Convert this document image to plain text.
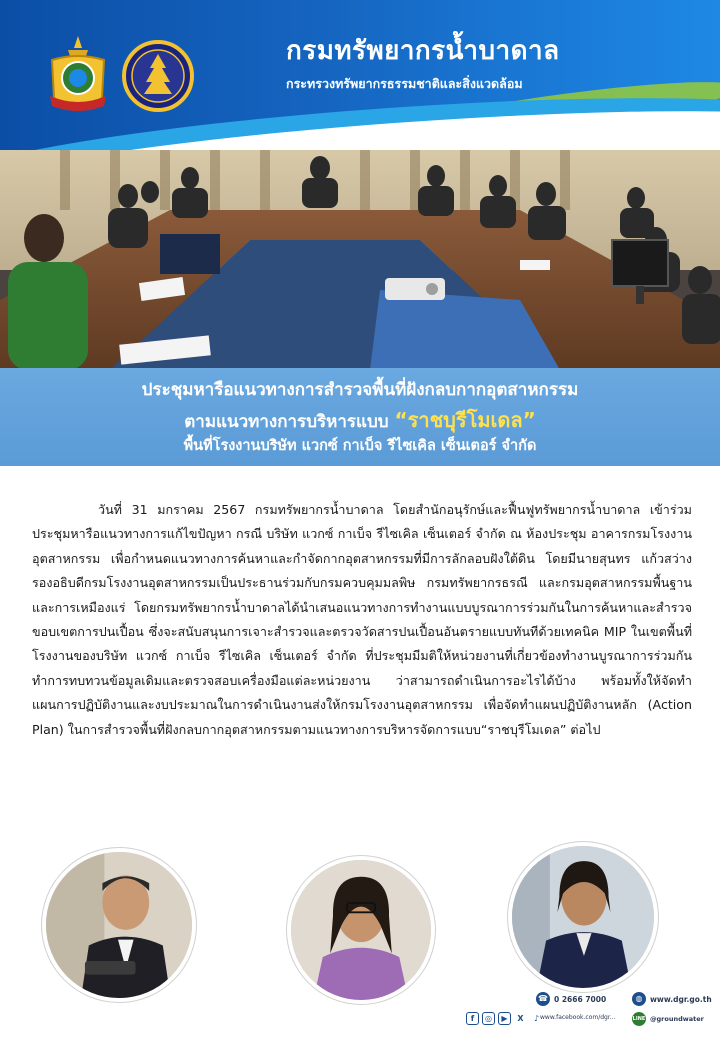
กรมทรัพยากรน้ำบาดาล
กระทรวงทรัพยากรธรรมชาติและสิ่งแวดล้อม
ประชุมหารือแนวทางการสำรวจพื้นที่ฝังกลบกากอุตสาหกรรม
ตามแนวทางการบริหารแบบ “ราชบุรีโมเดล”
พื้นที่โรงงานบริษัท แวกซ์ กาเบ็จ รีไซเคิล เซ็นเตอร์ จำกัด

วันที่ 31 มกราคม 2567 กรมทรัพยากรน้ำบาดาล โดยสำนักอนุรักษ์และฟื้นฟูทรัพยากรน้ำบาดาล เข้าร่วมประชุมหารือแนวทางการแก้ไขปัญหา กรณี บริษัท แวกซ์ กาเบ็จ รีไซเคิล เซ็นเตอร์ จำกัด ณ ห้องประชุม อาคารกรมโรงงานอุตสาหกรรม เพื่อกำหนดแนวทางการค้นหาและกำจัดกากอุตสาหกรรมที่มีการลักลอบฝังใต้ดิน โดยมีนายสุนทร แก้วสว่าง รองอธิบดีกรมโรงงานอุตสาหกรรมเป็นประธานร่วมกับกรมควบคุมมลพิษ กรมทรัพยากรธรณี และกรมอุตสาหกรรมพื้นฐานและการเหมืองแร่ โดยกรมทรัพยากรน้ำบาดาลได้นำเสนอแนวทางการทำงานแบบบูรณาการร่วมกันในการค้นหาและสำรวจขอบเขตการปนเปื้อน ซึ่งจะสนับสนุนการเจาะสำรวจและตรวจวัดสารปนเปื้อนอันตรายแบบทันทีด้วยเทคนิค MIP ในเขตพื้นที่โรงงานของบริษัท แวกซ์ กาเบ็จ รีไซเคิล เซ็นเตอร์ จำกัด ที่ประชุมมีมติให้หน่วยงานที่เกี่ยวข้องทำงานบูรณาการร่วมกัน ทำการทบทวนข้อมูลเดิมและตรวจสอบเครื่องมือแต่ละหน่วยงาน ว่าสามารถดำเนินการอะไรได้บ้าง พร้อมทั้งให้จัดทำแผนการปฏิบัติงานและงบประมาณในการดำเนินงานส่งให้กรมโรงงานอุตสาหกรรม เพื่อจัดทำแผนปฏิบัติงานหลัก (Action Plan) ในการสำรวจพื้นที่ฝังกลบกากอุตสาหกรรมตามแนวทางการบริหารจัดการแบบ“ราชบุรีโมเดล” ต่อไป

☎ 0 2666 7000	◍	www.dgr.go.th
f	◎	▶	X	♪ www.facebook.com/dgr...	LINE @groundwater
